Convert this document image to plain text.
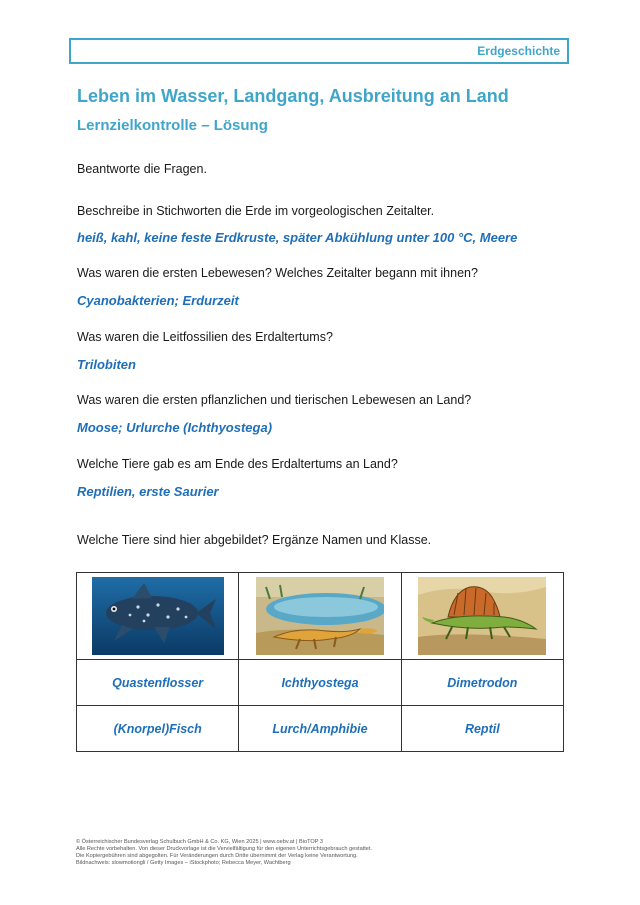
Erdgeschichte
Leben im Wasser, Landgang, Ausbreitung an Land
Lernzielkontrolle – Lösung
Beantworte die Fragen.
Beschreibe in Stichworten die Erde im vorgeologischen Zeitalter.
heiß, kahl, keine feste Erdkruste, später Abkühlung unter 100 °C, Meere
Was waren die ersten Lebewesen? Welches Zeitalter begann mit ihnen?
Cyanobakterien; Erdurzeit
Was waren die Leitfossilien des Erdaltertums?
Trilobiten
Was waren die ersten pflanzlichen und tierischen Lebewesen an Land?
Moose; Urlurche (Ichthyostega)
Welche Tiere gab es am Ende des Erdaltertums an Land?
Reptilien, erste Saurier
Welche Tiere sind hier abgebildet? Ergänze Namen und Klasse.

Quastenflosser	Ichthyostega	Dimetrodon
(Knorpel)Fisch	Lurch/Amphibie	Reptil
© Österreichischer Bundesverlag Schulbuch GmbH & Co. KG, Wien 2025 | www.oebv.at | BioTOP 3
Alle Rechte vorbehalten. Von dieser Druckvorlage ist die Vervielfältigung für den eigenen Unterrichtsgebrauch gestattet.
Die Kopiergebühren sind abgegolten. Für Veränderungen durch Dritte übernimmt der Verlag keine Verantwortung.
Bildnachweis: slowmotiongli / Getty Images – iStockphoto; Rebecca Meyer, Wachtberg
